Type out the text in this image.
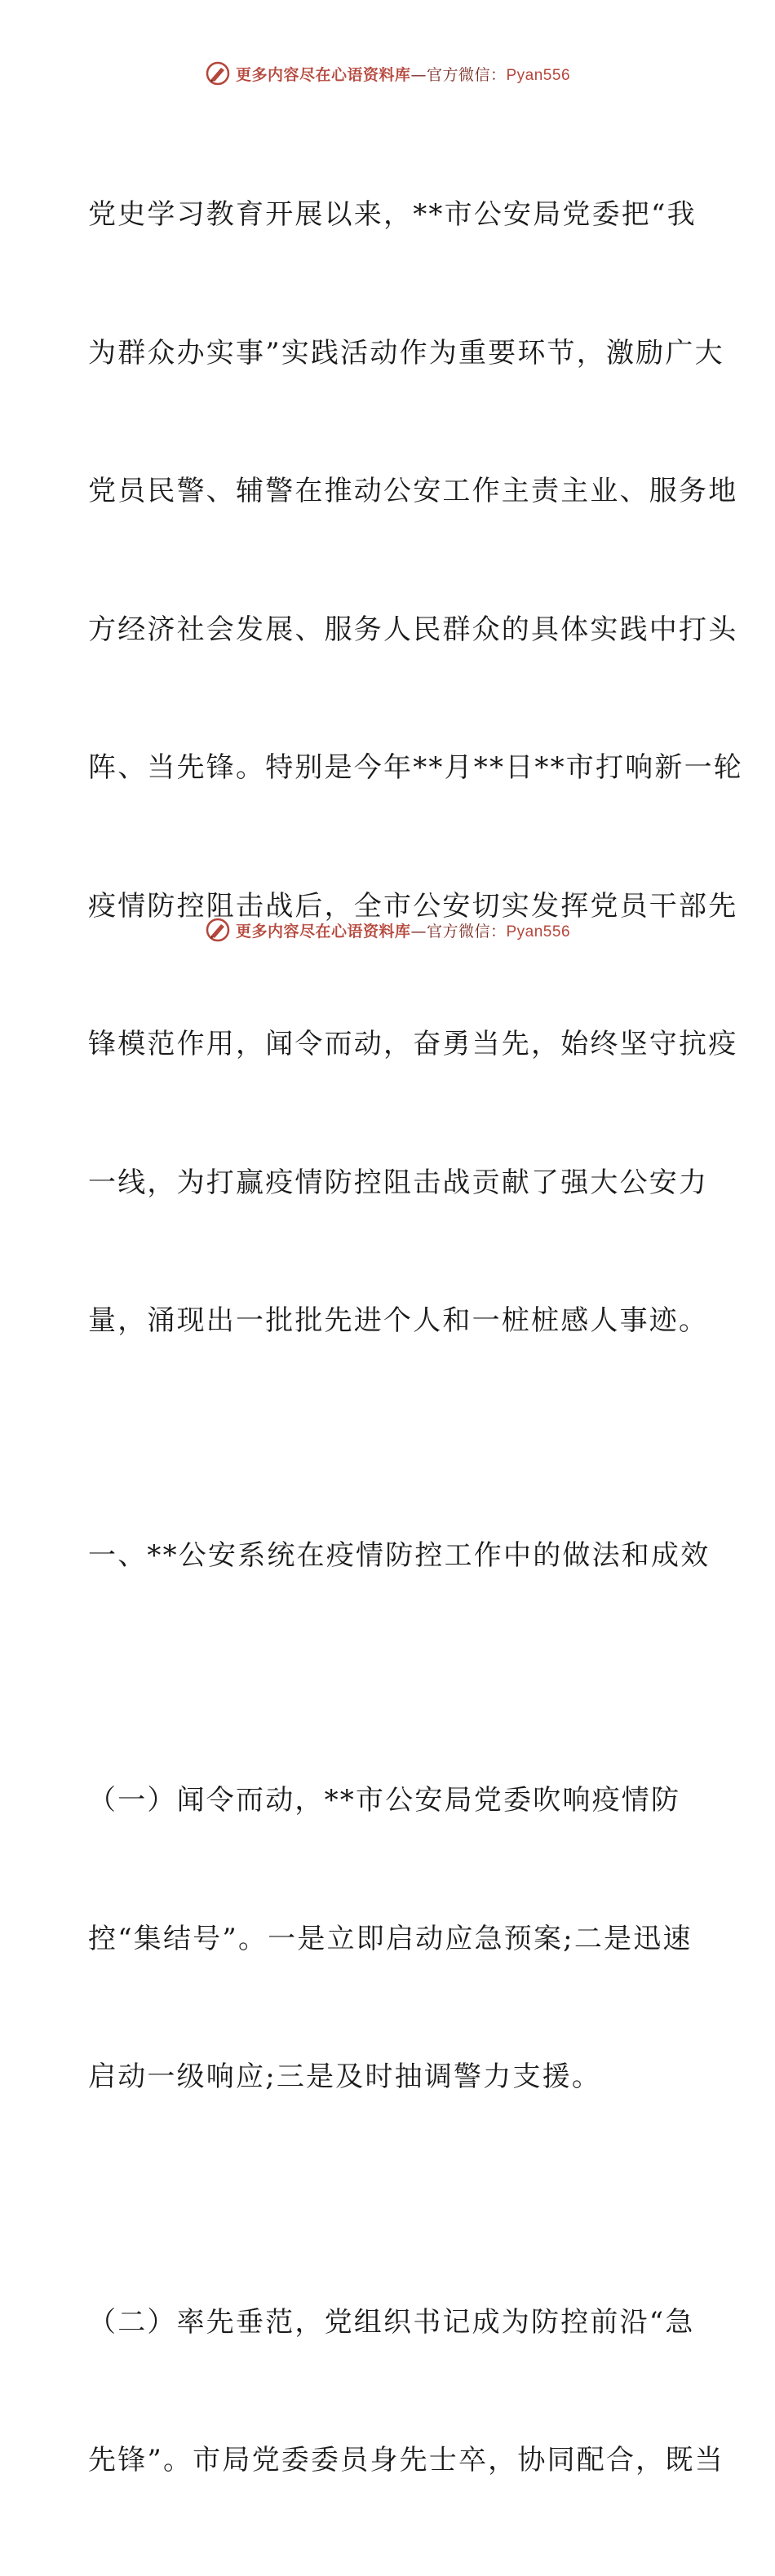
更多内容尽在心语资料库—官方微信：Pyan556

党史学习教育开展以来，**市公安局党委把“我

为群众办实事”实践活动作为重要环节，激励广大

党员民警、辅警在推动公安工作主责主业、服务地

方经济社会发展、服务人民群众的具体实践中打头

阵、当先锋。特别是今年**月**日**市打响新一轮

疫情防控阻击战后，全市公安切实发挥党员干部先

锋模范作用，闻令而动，奋勇当先，始终坚守抗疫

一线，为打赢疫情防控阻击战贡献了强大公安力

量，涌现出一批批先进个人和一桩桩感人事迹。

一、**公安系统在疫情防控工作中的做法和成效

（一）闻令而动，**市公安局党委吹响疫情防

控“集结号”。一是立即启动应急预案;二是迅速

启动一级响应;三是及时抽调警力支援。

（二）率先垂范，党组织书记成为防控前沿“急

先锋”。市局党委委员身先士卒，协同配合，既当

更多内容尽在心语资料库—官方微信：Pyan556
